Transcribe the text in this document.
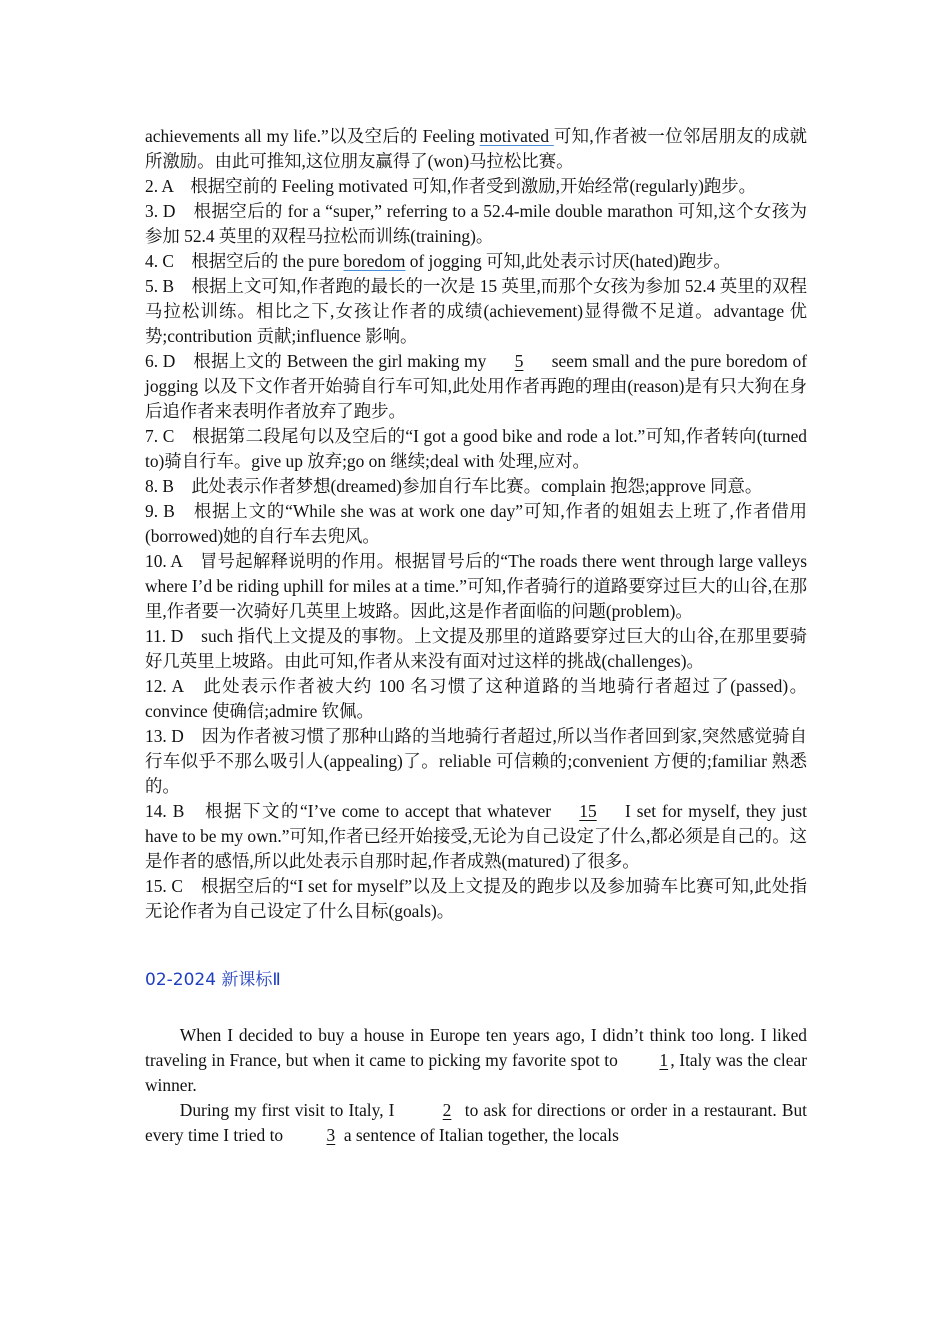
achievements all my life.”以及空后的 Feeling motivated 可知,作者被一位邻居朋友的成就所激励。由此可推知,这位朋友赢得了(won)马拉松比赛。

2. A　根据空前的 Feeling motivated 可知,作者受到激励,开始经常(regularly)跑步。

3. D　根据空后的 for a “super,” referring to a 52.4-mile double marathon 可知,这个女孩为参加 52.4 英里的双程马拉松而训练(training)。

4. C　根据空后的 the pure boredom of jogging 可知,此处表示讨厌(hated)跑步。

5. B　根据上文可知,作者跑的最长的一次是 15 英里,而那个女孩为参加 52.4 英里的双程马拉松训练。相比之下,女孩让作者的成绩(achievement)显得微不足道。advantage 优势;contribution 贡献;influence 影响。

6. D　根据上文的 Between the girl making my 5 seem small and the pure boredom of jogging 以及下文作者开始骑自行车可知,此处用作者再跑的理由(reason)是有只大狗在身后追作者来表明作者放弃了跑步。

7. C　根据第二段尾句以及空后的“I got a good bike and rode a lot.”可知,作者转向(turned to)骑自行车。give up 放弃;go on 继续;deal with 处理,应对。

8. B　此处表示作者梦想(dreamed)参加自行车比赛。complain 抱怨;approve 同意。

9. B　根据上文的“While she was at work one day”可知,作者的姐姐去上班了,作者借用(borrowed)她的自行车去兜风。

10. A　冒号起解释说明的作用。根据冒号后的“The roads there went through large valleys where I’d be riding uphill for miles at a time.”可知,作者骑行的道路要穿过巨大的山谷,在那里,作者要一次骑好几英里上坡路。因此,这是作者面临的问题(problem)。

11. D　such 指代上文提及的事物。上文提及那里的道路要穿过巨大的山谷,在那里要骑好几英里上坡路。由此可知,作者从来没有面对过这样的挑战(challenges)。

12. A　此处表示作者被大约 100 名习惯了这种道路的当地骑行者超过了(passed)。convince 使确信;admire 钦佩。

13. D　因为作者被习惯了那种山路的当地骑行者超过,所以当作者回到家,突然感觉骑自行车似乎不那么吸引人(appealing)了。reliable 可信赖的;convenient 方便的;familiar 熟悉的。

14. B　根据下文的“I’ve come to accept that whatever 15 I set for myself, they just have to be my own.”可知,作者已经开始接受,无论为自己设定了什么,都必须是自己的。这是作者的感悟,所以此处表示自那时起,作者成熟(matured)了很多。

15. C　根据空后的“I set for myself”以及上文提及的跑步以及参加骑车比赛可知,此处指无论作者为自己设定了什么目标(goals)。

02-2024 新课标Ⅱ

When I decided to buy a house in Europe ten years ago, I didn’t think too long. I liked traveling in France, but when it came to picking my favorite spot to 1 , Italy was the clear winner.

During my first visit to Italy, I 2 to ask for directions or order in a restaurant. But every time I tried to 3 a sentence of Italian together, the locals
